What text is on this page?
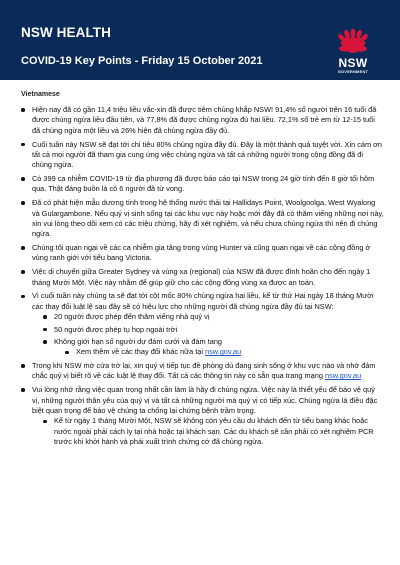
NSW HEALTH
COVID-19 Key Points - Friday 15 October 2021	NSW
GOVERNMENT
Vietnamese
Hiện nay đã có gần 11,4 triệu liều vắc-xin đã được tiêm chủng khắp NSW! 91,4% số người trên 16 tuổi đã được chủng ngừa liều đầu tiên, và 77,8% đã được chủng ngừa đủ hai liều. 72,1% số trẻ em từ 12-15 tuổi đã chủng ngừa một liều và 26% hiện đã chủng ngừa đầy đủ.
Cuối tuần này NSW sẽ đạt tới chỉ tiêu 80% chủng ngừa đầy đủ. Đây là một thành quả tuyệt vời. Xin cám ơn tất cả mọi người đã tham gia cung ứng việc chủng ngừa và tất cả những người trong cộng đồng đã đi chủng ngừa.
Có 399 ca nhiễm COVID-19 từ địa phương đã được báo cáo tại NSW trong 24 giờ tính đến 8 giờ tối hôm qua. Thật đáng buồn là có 6 người đã từ vong.
Đã có phát hiện mẫu dương tính trong hệ thống nước thải tại Hallidays Point, Woolgoolga, West Wyalong và Gulargambone. Nếu quý vị sinh sống tại các khu vực này hoặc mới đây đã có thăm viếng những nơi này, xin vui lòng theo dõi xem có các triệu chứng, hãy đi xét nghiệm, và nếu chưa chủng ngừa thì nên đi chủng ngừa.
Chúng tôi quan ngại về các ca nhiễm gia tăng trong vùng Hunter và cũng quan ngại về các cộng đồng ở vùng ranh giới với tiểu bang Victoria.
Việc di chuyển giữa Greater Sydney và vùng xa (regional) của NSW đã được đình hoãn cho đến ngày 1 tháng Mười Một. Việc này nhằm để giúp giữ cho các cộng đồng vùng xa được an toàn.
Vì cuối tuần này chúng ta sẽ đạt tới cột mốc 80% chủng ngừa hai liều, kể từ thứ Hai ngày 18 tháng Mười các thay đổi luật lệ sau đây sẽ có hiệu lực cho những người đã chủng ngừa đầy đủ tại NSW:
20 người được phép đến thăm viếng nhà quý vị
50 người được phép tụ họp ngoài trời
Không giới hạn số người dự đám cưới và đám tang
Xem thêm về các thay đổi khác nữa tại nsw.gov.au
Trong khi NSW mở cửa trở lại, xin quý vị tiếp tục đề phòng dù đang sinh sống ở khu vực nào và nhớ đảm chắc quý vị biết rõ về các luật lệ thay đổi. Tất cả các thông tin này có sẵn qua trang mạng nsw.gov.au
Vui lòng nhớ rằng việc quan trọng nhất cần làm là hãy đi chủng ngừa. Việc này là thiết yếu để bảo vệ quý vị, những người thân yêu của quý vị và tất cả những người mà quý vị có tiếp xúc. Chúng ngừa là điều đặc biệt quan trọng để bảo vệ chúng ta chống lại chứng bệnh trầm trọng.
Kể từ ngày 1 tháng Mười Một, NSW sẽ không còn yêu cầu du khách đến từ tiểu bang khác hoặc nước ngoài phải cách ly tại nhà hoặc tại khách sạn. Các du khách sẽ cần phải có xét nghiệm PCR trước khi khởi hành và phải xuất trình chứng cớ đã chủng ngừa.
